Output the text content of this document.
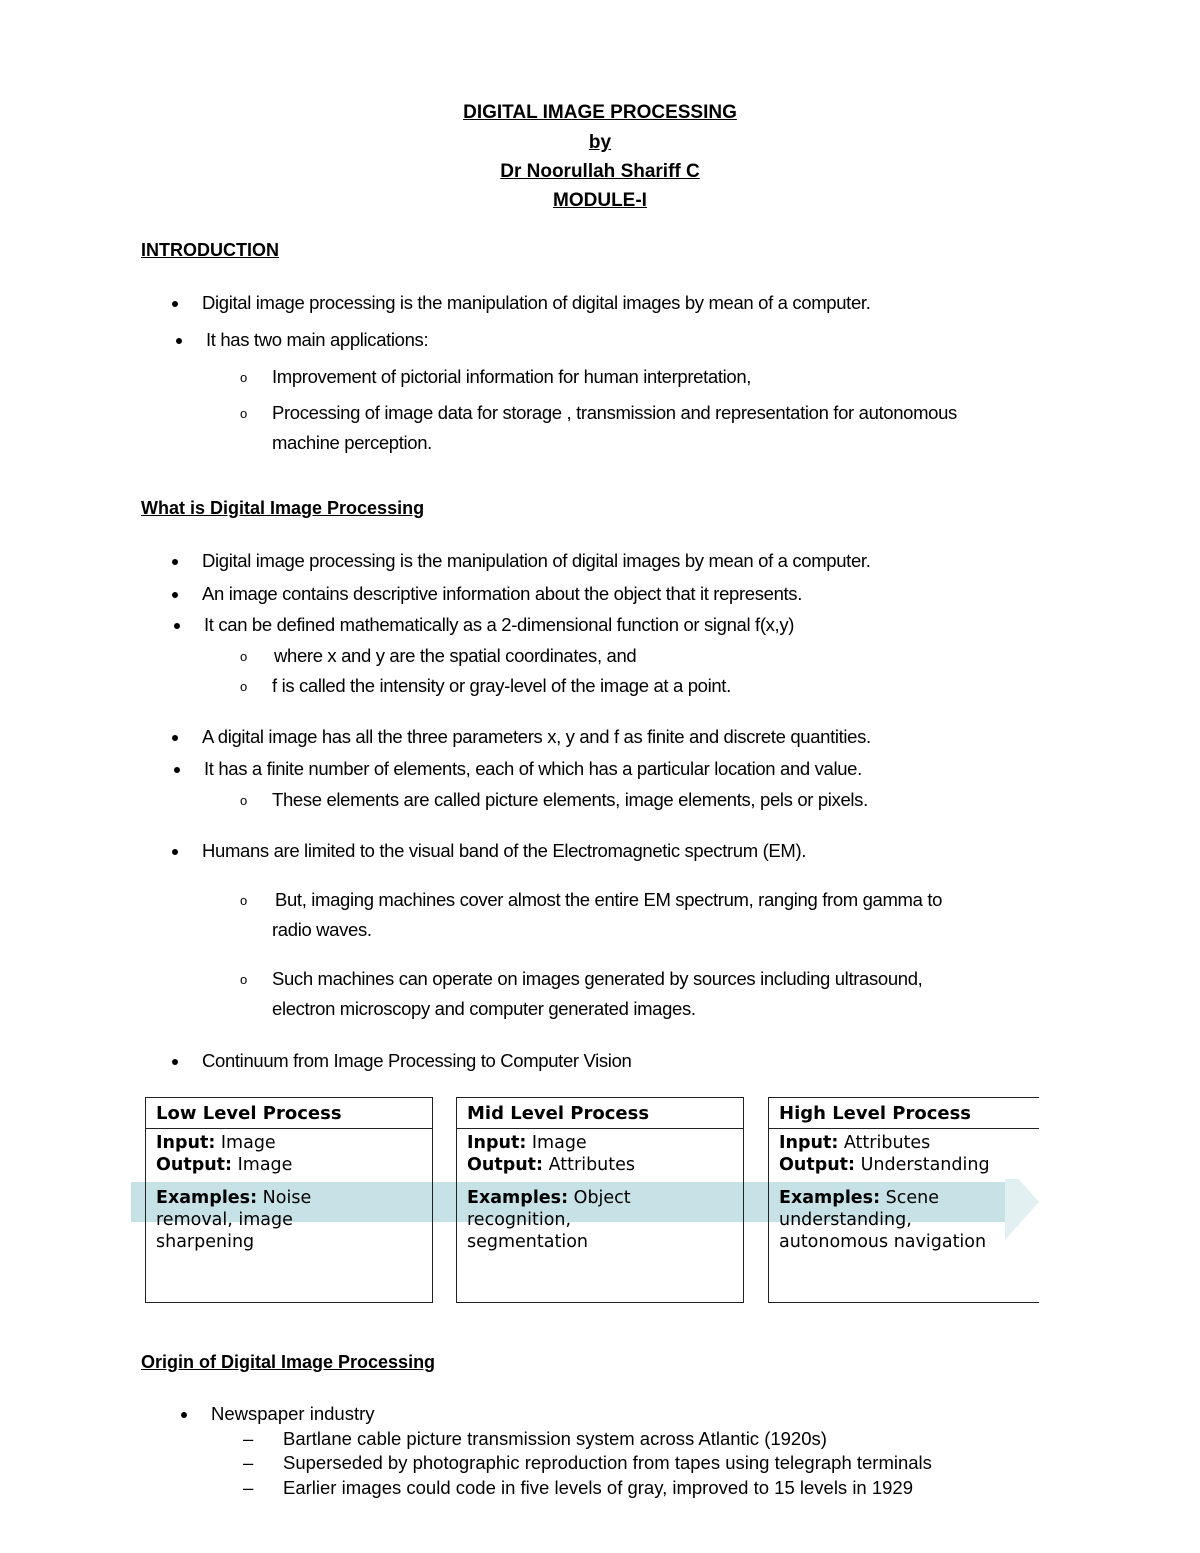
DIGITAL IMAGE PROCESSING
by
Dr Noorullah Shariff C
MODULE-I
INTRODUCTION
Digital image processing is the manipulation of digital images by mean of a computer.
It has two main applications:
o Improvement of pictorial information for human interpretation,
o Processing of image data for storage , transmission and representation for autonomous
machine perception.
What is Digital Image Processing
Digital image processing is the manipulation of digital images by mean of a computer.
An image contains descriptive information about the object that it represents.
It can be defined mathematically as a 2-dimensional function or signal f(x,y)
o where x and y are the spatial coordinates, and
o f is called the intensity or gray-level of the image at a point.
A digital image has all the three parameters x, y and f as finite and discrete quantities.
It has a finite number of elements, each of which has a particular location and value.
o These elements are called picture elements, image elements, pels or pixels.
Humans are limited to the visual band of the Electromagnetic spectrum (EM).
o But, imaging machines cover almost the entire EM spectrum, ranging from gamma to
radio waves.
o Such machines can operate on images generated by sources including ultrasound,
electron microscopy and computer generated images.
Continuum from Image Processing to Computer Vision
Low Level Process
Input: Image
Output: Image
Examples: Noise
removal, image
sharpening
Mid Level Process
Input: Image
Output: Attributes
Examples: Object
recognition,
segmentation
High Level Process
Input: Attributes
Output: Understanding
Examples: Scene
understanding,
autonomous navigation
Origin of Digital Image Processing
Newspaper industry
– Bartlane cable picture transmission system across Atlantic (1920s)
– Superseded by photographic reproduction from tapes using telegraph terminals
– Earlier images could code in five levels of gray, improved to 15 levels in 1929
